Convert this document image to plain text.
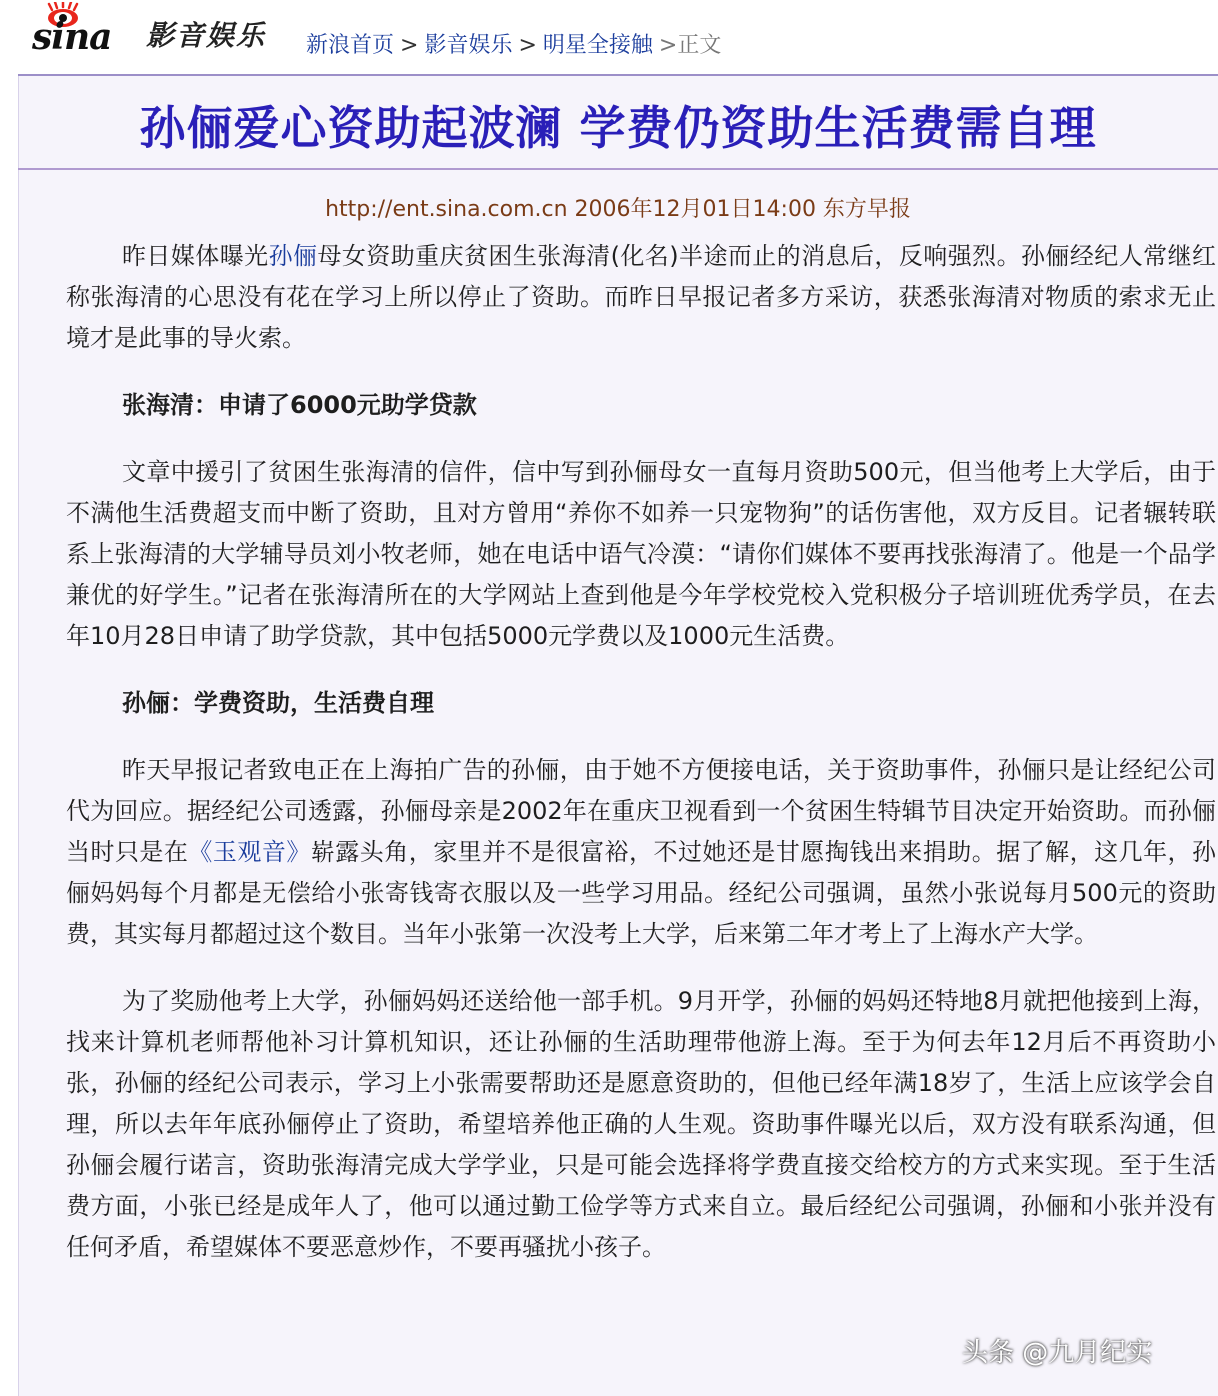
sina 影音娱乐 新浪首页 > 影音娱乐 > 明星全接触 >正文
孙俪爱心资助起波澜 学费仍资助生活费需自理
http://ent.sina.com.cn 2006年12月01日14:00 东方早报

昨日媒体曝光孙俪母女资助重庆贫困生张海清(化名)半途而止的消息后，反响强烈。孙俪经纪人常继红称张海清的心思没有花在学习上所以停止了资助。而昨日早报记者多方采访，获悉张海清对物质的索求无止境才是此事的导火索。

张海清：申请了6000元助学贷款

文章中援引了贫困生张海清的信件，信中写到孙俪母女一直每月资助500元，但当他考上大学后，由于不满他生活费超支而中断了资助，且对方曾用“养你不如养一只宠物狗”的话伤害他，双方反目。记者辗转联系上张海清的大学辅导员刘小牧老师，她在电话中语气冷漠：“请你们媒体不要再找张海清了。他是一个品学兼优的好学生。”记者在张海清所在的大学网站上查到他是今年学校党校入党积极分子培训班优秀学员，在去年10月28日申请了助学贷款，其中包括5000元学费以及1000元生活费。

孙俪：学费资助，生活费自理

昨天早报记者致电正在上海拍广告的孙俪，由于她不方便接电话，关于资助事件，孙俪只是让经纪公司代为回应。据经纪公司透露，孙俪母亲是2002年在重庆卫视看到一个贫困生特辑节目决定开始资助。而孙俪当时只是在《玉观音》崭露头角，家里并不是很富裕，不过她还是甘愿掏钱出来捐助。据了解，这几年，孙俪妈妈每个月都是无偿给小张寄钱寄衣服以及一些学习用品。经纪公司强调，虽然小张说每月500元的资助费，其实每月都超过这个数目。当年小张第一次没考上大学，后来第二年才考上了上海水产大学。

为了奖励他考上大学，孙俪妈妈还送给他一部手机。9月开学，孙俪的妈妈还特地8月就把他接到上海，找来计算机老师帮他补习计算机知识，还让孙俪的生活助理带他游上海。至于为何去年12月后不再资助小张，孙俪的经纪公司表示，学习上小张需要帮助还是愿意资助的，但他已经年满18岁了，生活上应该学会自理，所以去年年底孙俪停止了资助，希望培养他正确的人生观。资助事件曝光以后，双方没有联系沟通，但孙俪会履行诺言，资助张海清完成大学学业，只是可能会选择将学费直接交给校方的方式来实现。至于生活费方面，小张已经是成年人了，他可以通过勤工俭学等方式来自立。最后经纪公司强调，孙俪和小张并没有任何矛盾，希望媒体不要恶意炒作，不要再骚扰小孩子。

头条 @九月纪实
